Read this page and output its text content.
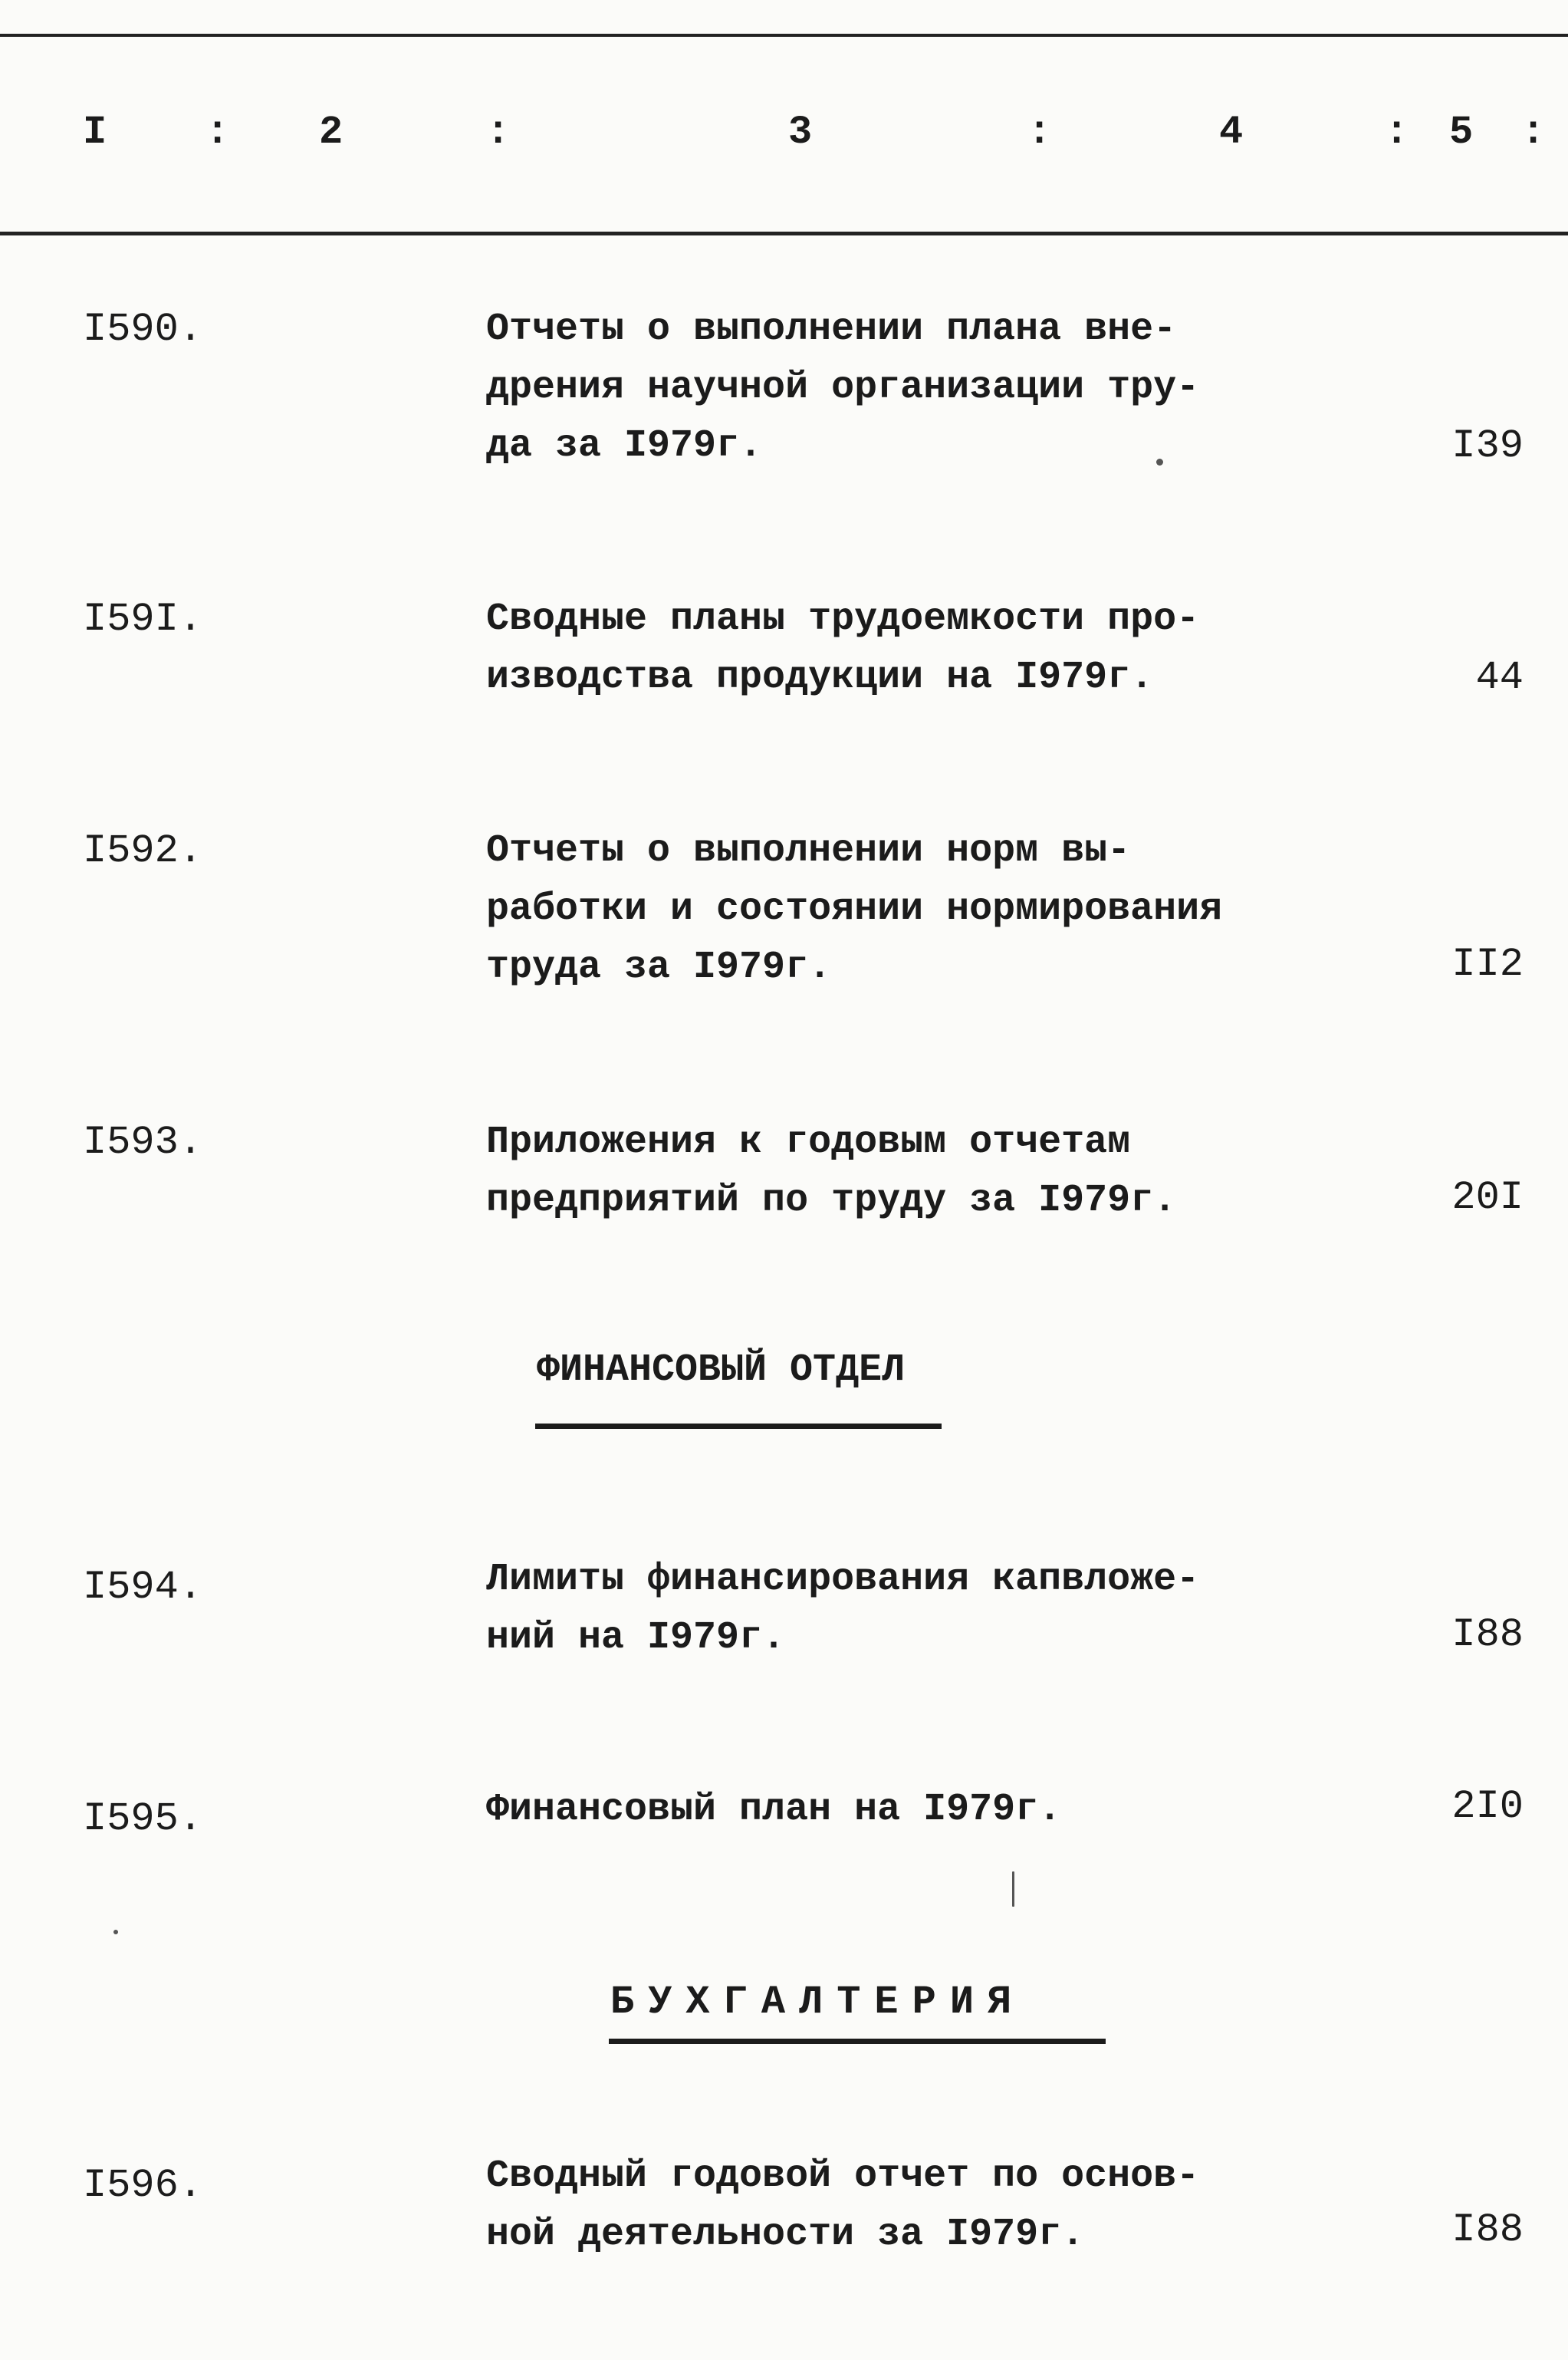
I : 2	:	3	:	4	: 5 :
I590.	Отчеты о выполнении плана вне-
дрения научной организации тру-
да за I979г.	I39
I59I.	Сводные планы трудоемкости про-
изводства продукции на I979г.	44
I592.	Отчеты о выполнении норм вы-
работки и состоянии нормирования
труда за I979г.	II2
I593.	Приложения к годовым отчетам
предприятий по труду за I979г.	20I
ФИНАНСОВЫЙ ОТДЕЛ
I594.	Лимиты финансирования капвложе-
ний на I979г.	I88
I595.	Финансовый план на I979г.	2I0
БУХГАЛТЕРИЯ
I596.	Сводный годовой отчет по основ-
ной деятельности за I979г.	I88
